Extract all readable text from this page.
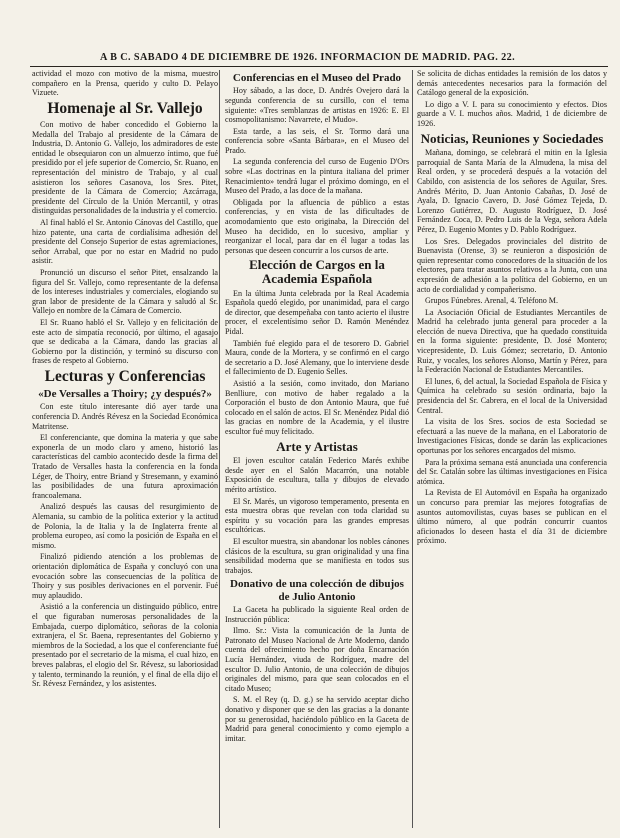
A B C. SABADO 4 DE DICIEMBRE DE 1926. INFORMACION DE MADRID. PAG. 22.

actividad el mozo con motivo de la misma, muestro compañero en la Prensa, querido y culto D. Pelayo Vizuete.

Homenaje al Sr. Vallejo

Con motivo de haber concedido el Gobierno la Medalla del Trabajo al presidente de la Cámara de Industria, D. Antonio G. Vallejo, los admiradores de este entidad le obsequiaron con un almuerzo íntimo, que fué presidido por el jefe superior de Comercio, Sr. Ruano, en representación del ministro de Trabajo, y al cual asistieron los señores Casanova, los Sres. Pitet, presidente de la Cámara de Comercio; Azcárraga, presidente del Círculo de la Unión Mercantil, y otras distinguidas personalidades de la industria y el comercio.

Al final habló el Sr. Antonio Cánovas del Castillo, que hizo patente, una carta de cordialísima adhesión del presidente del Consejo Superior de estas agremiaciones, señor Arrabal, que por no estar en Madrid no pudo asistir.

Pronunció un discurso el señor Pitet, ensalzando la figura del Sr. Vallejo, como representante de la defensa de los intereses industriales y comerciales, elogiando su gran labor de presidente de la Cámara y saludó al Sr. Vallejo en nombre de la Cámara de Comercio.

El Sr. Ruano habló el Sr. Vallejo y en felicitación de este acto de simpatía reconoció, por último, el agasajo que se dedicaba a la Cámara, dando las gracias al Gobierno por la distinción, y terminó su discurso con frases de respeto al Gobierno.

Lecturas y Conferencias
«De Versalles a Thoiry; ¿y después?»

Con este título interesante dió ayer tarde una conferencia D. Andrés Révesz en la Sociedad Económica Matritense.

El conferenciante, que domina la materia y que sabe exponerla de un modo claro y ameno, historió las características del cambio acontecido desde la firma del Tratado de Versalles hasta la conferencia en la fonda Léger, de Thoiry, entre Briand y Stresemann, y examinó las posibilidades de una futura aproximación francoalemana.

Analizó después las causas del resurgimiento de Alemania, su cambio de la política exterior y la actitud de Polonia, la de Italia y la de Inglaterra frente al problema europeo, así como la posición de España en el mismo.

Finalizó pidiendo atención a los problemas de orientación diplomática de España y concluyó con una evocación sobre las consecuencias de la política de Thoiry y sus posibles derivaciones en el porvenir. Fué muy aplaudido.

Asistió a la conferencia un distinguido público, entre el que figuraban numerosas personalidades de la Embajada, cuerpo diplomático, señoras de la colonia extranjera, el Sr. Baena, representantes del Gobierno y miembros de la Sociedad, a los que el conferenciante fué presentado por el secretario de la misma, el cual hizo, en breves palabras, el elogio del Sr. Révesz, su laboriosidad y talento, terminando la reunión, y el final de ella dijo el Sr. Révesz Fernández, y los asistentes.

Conferencias en el Museo del Prado

Hoy sábado, a las doce, D. Andrés Ovejero dará la segunda conferencia de su cursillo, con el tema siguiente: «Tres semblanzas de artistas en 1926: E. El cosmopolitanismo: Navarrete, el Mudo».

Esta tarde, a las seis, el Sr. Tormo dará una conferencia sobre «Santa Bárbara», en el Museo del Prado.

La segunda conferencia del curso de Eugenio D'Ors sobre «Las doctrinas en la pintura italiana del primer Renacimiento» tendrá lugar el próximo domingo, en el Museo del Prado, a las doce de la mañana.

Obligada por la afluencia de público a estas conferencias, y en vista de las dificultades de acomodamiento que esto originaba, la Dirección del Museo ha decidido, en lo sucesivo, ampliar y reorganizar el local, para dar en él lugar a todas las personas que deseen concurrir a los cursos de arte.

Elección de Cargos en la Academia Española

En la última Junta celebrada por la Real Academia Española quedó elegido, por unanimidad, para el cargo de director, que desempeñaba con tanto acierto el ilustre procer, el excelentísimo señor D. Ramón Menéndez Pidal.

También fué elegido para el de tesorero D. Gabriel Maura, conde de la Mortera, y se confirmó en el cargo de secretario a D. José Alemany, que lo interviene desde el fallecimiento de D. Eugenio Selles.

Asistió a la sesión, como invitado, don Mariano Benlliure, con motivo de haber regalado a la Corporación el busto de don Antonio Maura, que fué colocado en el salón de actos. El Sr. Menéndez Pidal dió las gracias en nombre de la Academia, y el ilustre escultor fué muy felicitado.

Arte y Artistas

El joven escultor catalán Federico Marés exhibe desde ayer en el Salón Macarrón, una notable Exposición de escultura, talla y dibujos de elevado mérito artístico.

El Sr. Marés, un vigoroso temperamento, presenta en esta muestra obras que revelan con toda claridad su espíritu y su vocación para las grandes empresas escultóricas.

El escultor muestra, sin abandonar los nobles cánones clásicos de la escultura, su gran originalidad y una fina sensibilidad moderna que se manifiesta en todos sus trabajos.

Donativo de una colección de dibujos de Julio Antonio

La Gaceta ha publicado la siguiente Real orden de Instrucción pública:

Ilmo. Sr.: Vista la comunicación de la Junta de Patronato del Museo Nacional de Arte Moderno, dando cuenta del ofrecimiento hecho por doña Encarnación Lucía Hernández, viuda de Rodríguez, madre del escultor D. Julio Antonio, de una colección de dibujos originales del mismo, para que sean colocados en el citado Museo;

S. M. el Rey (q. D. g.) se ha servido aceptar dicho donativo y disponer que se den las gracias a la donante por su generosidad, haciéndolo público en la Gaceta de Madrid para general conocimiento y como ejemplo a imitar.

Se solicita de dichas entidades la remisión de los datos y demás antecedentes necesarios para la formación del Catálogo general de la exposición.

Lo digo a V. I. para su conocimiento y efectos. Dios guarde a V. I. muchos años. Madrid, 1 de diciembre de 1926.

Noticias, Reuniones y Sociedades

Mañana, domingo, se celebrará el mitin en la Iglesia parroquial de Santa María de la Almudena, la misa del Real orden, y se procederá después a la votación del Cabildo, con asistencia de los señores de Aguilar, Sres. Andrés Mérito, D. Juan Antonio Cabañas, D. José de Ayala, D. Ignacio Cavero, D. José Gómez Tejeda, D. Lorenzo Gutiérrez, D. Augusto Rodríguez, D. José Fernández Coca, D. Pedro Luis de la Vega, señora Adela Pérez, D. Eugenio Montes y D. Pablo Rodríguez.

Los Sres. Delegados provinciales del distrito de Buenavista (Orense, 3) se reunieron a disposición de quien representar como conocedores de la situación de los electores, para tratar asuntos relativos a la Junta, con una expresión de adhesión a la política del Gobierno, en un acto de cordialidad y compañerismo.

Grupos Fúnebres. Arenal, 4. Teléfono M.

La Asociación Oficial de Estudiantes Mercantiles de Madrid ha celebrado junta general para proceder a la elección de nueva Directiva, que ha quedado constituida en la forma siguiente: presidente, D. José Montero; vicepresidente, D. Luis Gómez; secretario, D. Antonio Ruiz, y vocales, los señores Alonso, Martín y Pérez, para la Federación Nacional de Estudiantes Mercantiles.

El lunes, 6, del actual, la Sociedad Española de Física y Química ha celebrado su sesión ordinaria, bajo la presidencia del Sr. Cabrera, en el local de la Universidad Central.

La visita de los Sres. socios de esta Sociedad se efectuará a las nueve de la mañana, en el Laboratorio de Investigaciones Físicas, donde se darán las explicaciones oportunas por los señores encargados del mismo.

Para la próxima semana está anunciada una conferencia del Sr. Catalán sobre las últimas investigaciones en Física atómica.

La Revista de El Automóvil en España ha organizado un concurso para premiar las mejores fotografías de asuntos automovilistas, cuyas bases se publican en el último número, al que podrán concurrir cuantos aficionados lo deseen hasta el día 31 de diciembre próximo.
